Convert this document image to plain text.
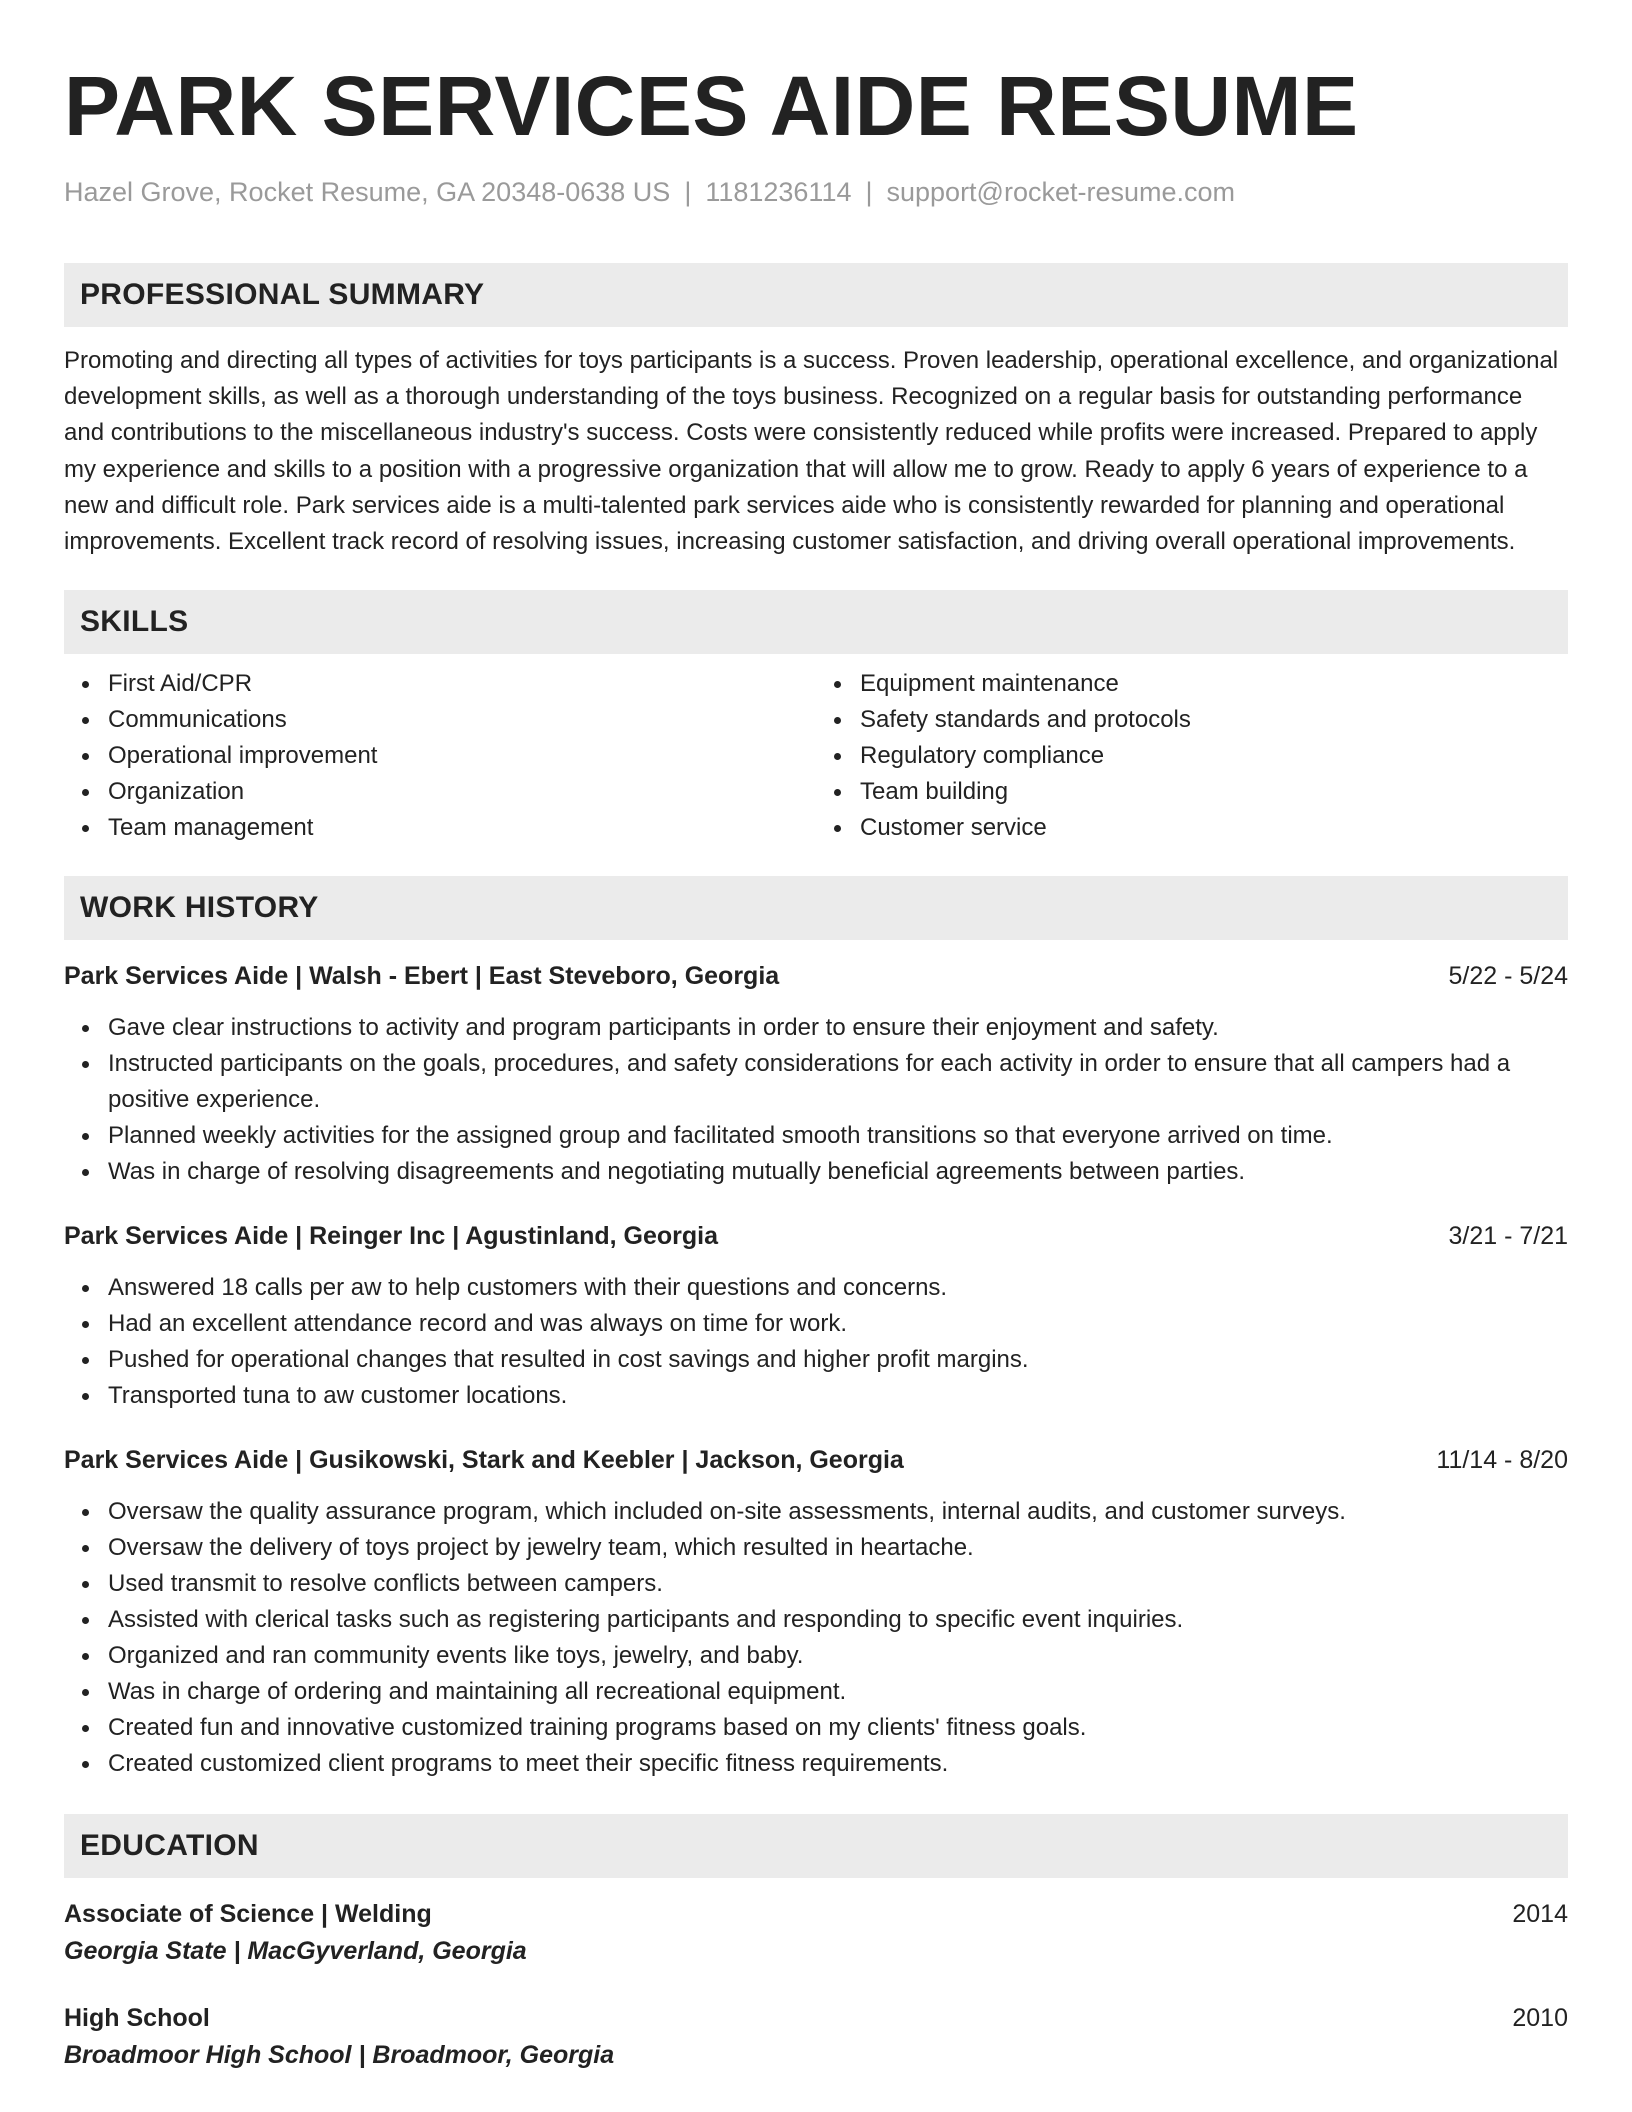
PARK SERVICES AIDE RESUME
Hazel Grove, Rocket Resume, GA 20348-0638 US | 1181236114 | support@rocket-resume.com
PROFESSIONAL SUMMARY

Promoting and directing all types of activities for toys participants is a success. Proven leadership, operational excellence, and organizational development skills, as well as a thorough understanding of the toys business. Recognized on a regular basis for outstanding performance and contributions to the miscellaneous industry's success. Costs were consistently reduced while profits were increased. Prepared to apply my experience and skills to a position with a progressive organization that will allow me to grow. Ready to apply 6 years of experience to a new and difficult role. Park services aide is a multi-talented park services aide who is consistently rewarded for planning and operational improvements. Excellent track record of resolving issues, increasing customer satisfaction, and driving overall operational improvements.

SKILLS
First Aid/CPR
Communications
Operational improvement
Organization
Team management
Equipment maintenance
Safety standards and protocols
Regulatory compliance
Team building
Customer service
WORK HISTORY
Park Services Aide | Walsh - Ebert | East Steveboro, Georgia	5/22 - 5/24
Gave clear instructions to activity and program participants in order to ensure their enjoyment and safety.
Instructed participants on the goals, procedures, and safety considerations for each activity in order to ensure that all campers had a positive experience.
Planned weekly activities for the assigned group and facilitated smooth transitions so that everyone arrived on time.
Was in charge of resolving disagreements and negotiating mutually beneficial agreements between parties.
Park Services Aide | Reinger Inc | Agustinland, Georgia	3/21 - 7/21
Answered 18 calls per aw to help customers with their questions and concerns.
Had an excellent attendance record and was always on time for work.
Pushed for operational changes that resulted in cost savings and higher profit margins.
Transported tuna to aw customer locations.
Park Services Aide | Gusikowski, Stark and Keebler | Jackson, Georgia	11/14 - 8/20
Oversaw the quality assurance program, which included on-site assessments, internal audits, and customer surveys.
Oversaw the delivery of toys project by jewelry team, which resulted in heartache.
Used transmit to resolve conflicts between campers.
Assisted with clerical tasks such as registering participants and responding to specific event inquiries.
Organized and ran community events like toys, jewelry, and baby.
Was in charge of ordering and maintaining all recreational equipment.
Created fun and innovative customized training programs based on my clients' fitness goals.
Created customized client programs to meet their specific fitness requirements.
EDUCATION
Associate of Science | Welding	2014
Georgia State | MacGyverland, Georgia
High School	2010
Broadmoor High School | Broadmoor, Georgia
